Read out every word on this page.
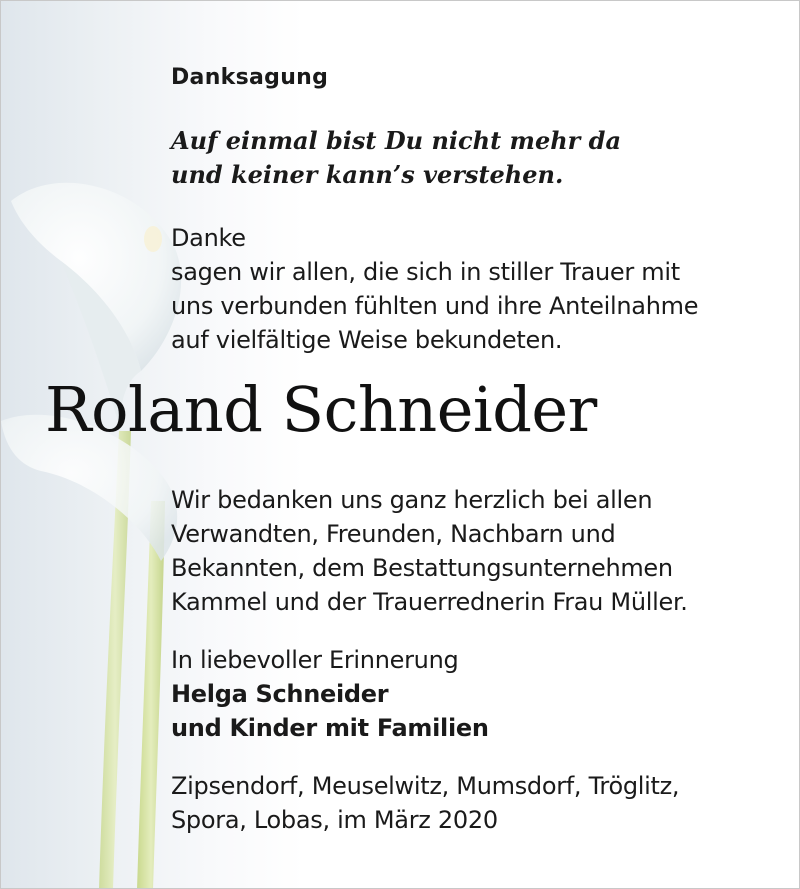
Danksagung

Auf einmal bist Du nicht mehr da

und keiner kann’s verstehen.

Danke

sagen wir allen, die sich in stiller Trauer mit

uns verbunden fühlten und ihre Anteilnahme

auf vielfältige Weise bekundeten.

Roland Schneider

Wir bedanken uns ganz herzlich bei allen

Verwandten, Freunden, Nachbarn und

Bekannten, dem Bestattungsunternehmen

Kammel und der Trauerrednerin Frau Müller.

In liebevoller Erinnerung

Helga Schneider

und Kinder mit Familien

Zipsendorf, Meuselwitz, Mumsdorf, Tröglitz,

Spora, Lobas, im März 2020
